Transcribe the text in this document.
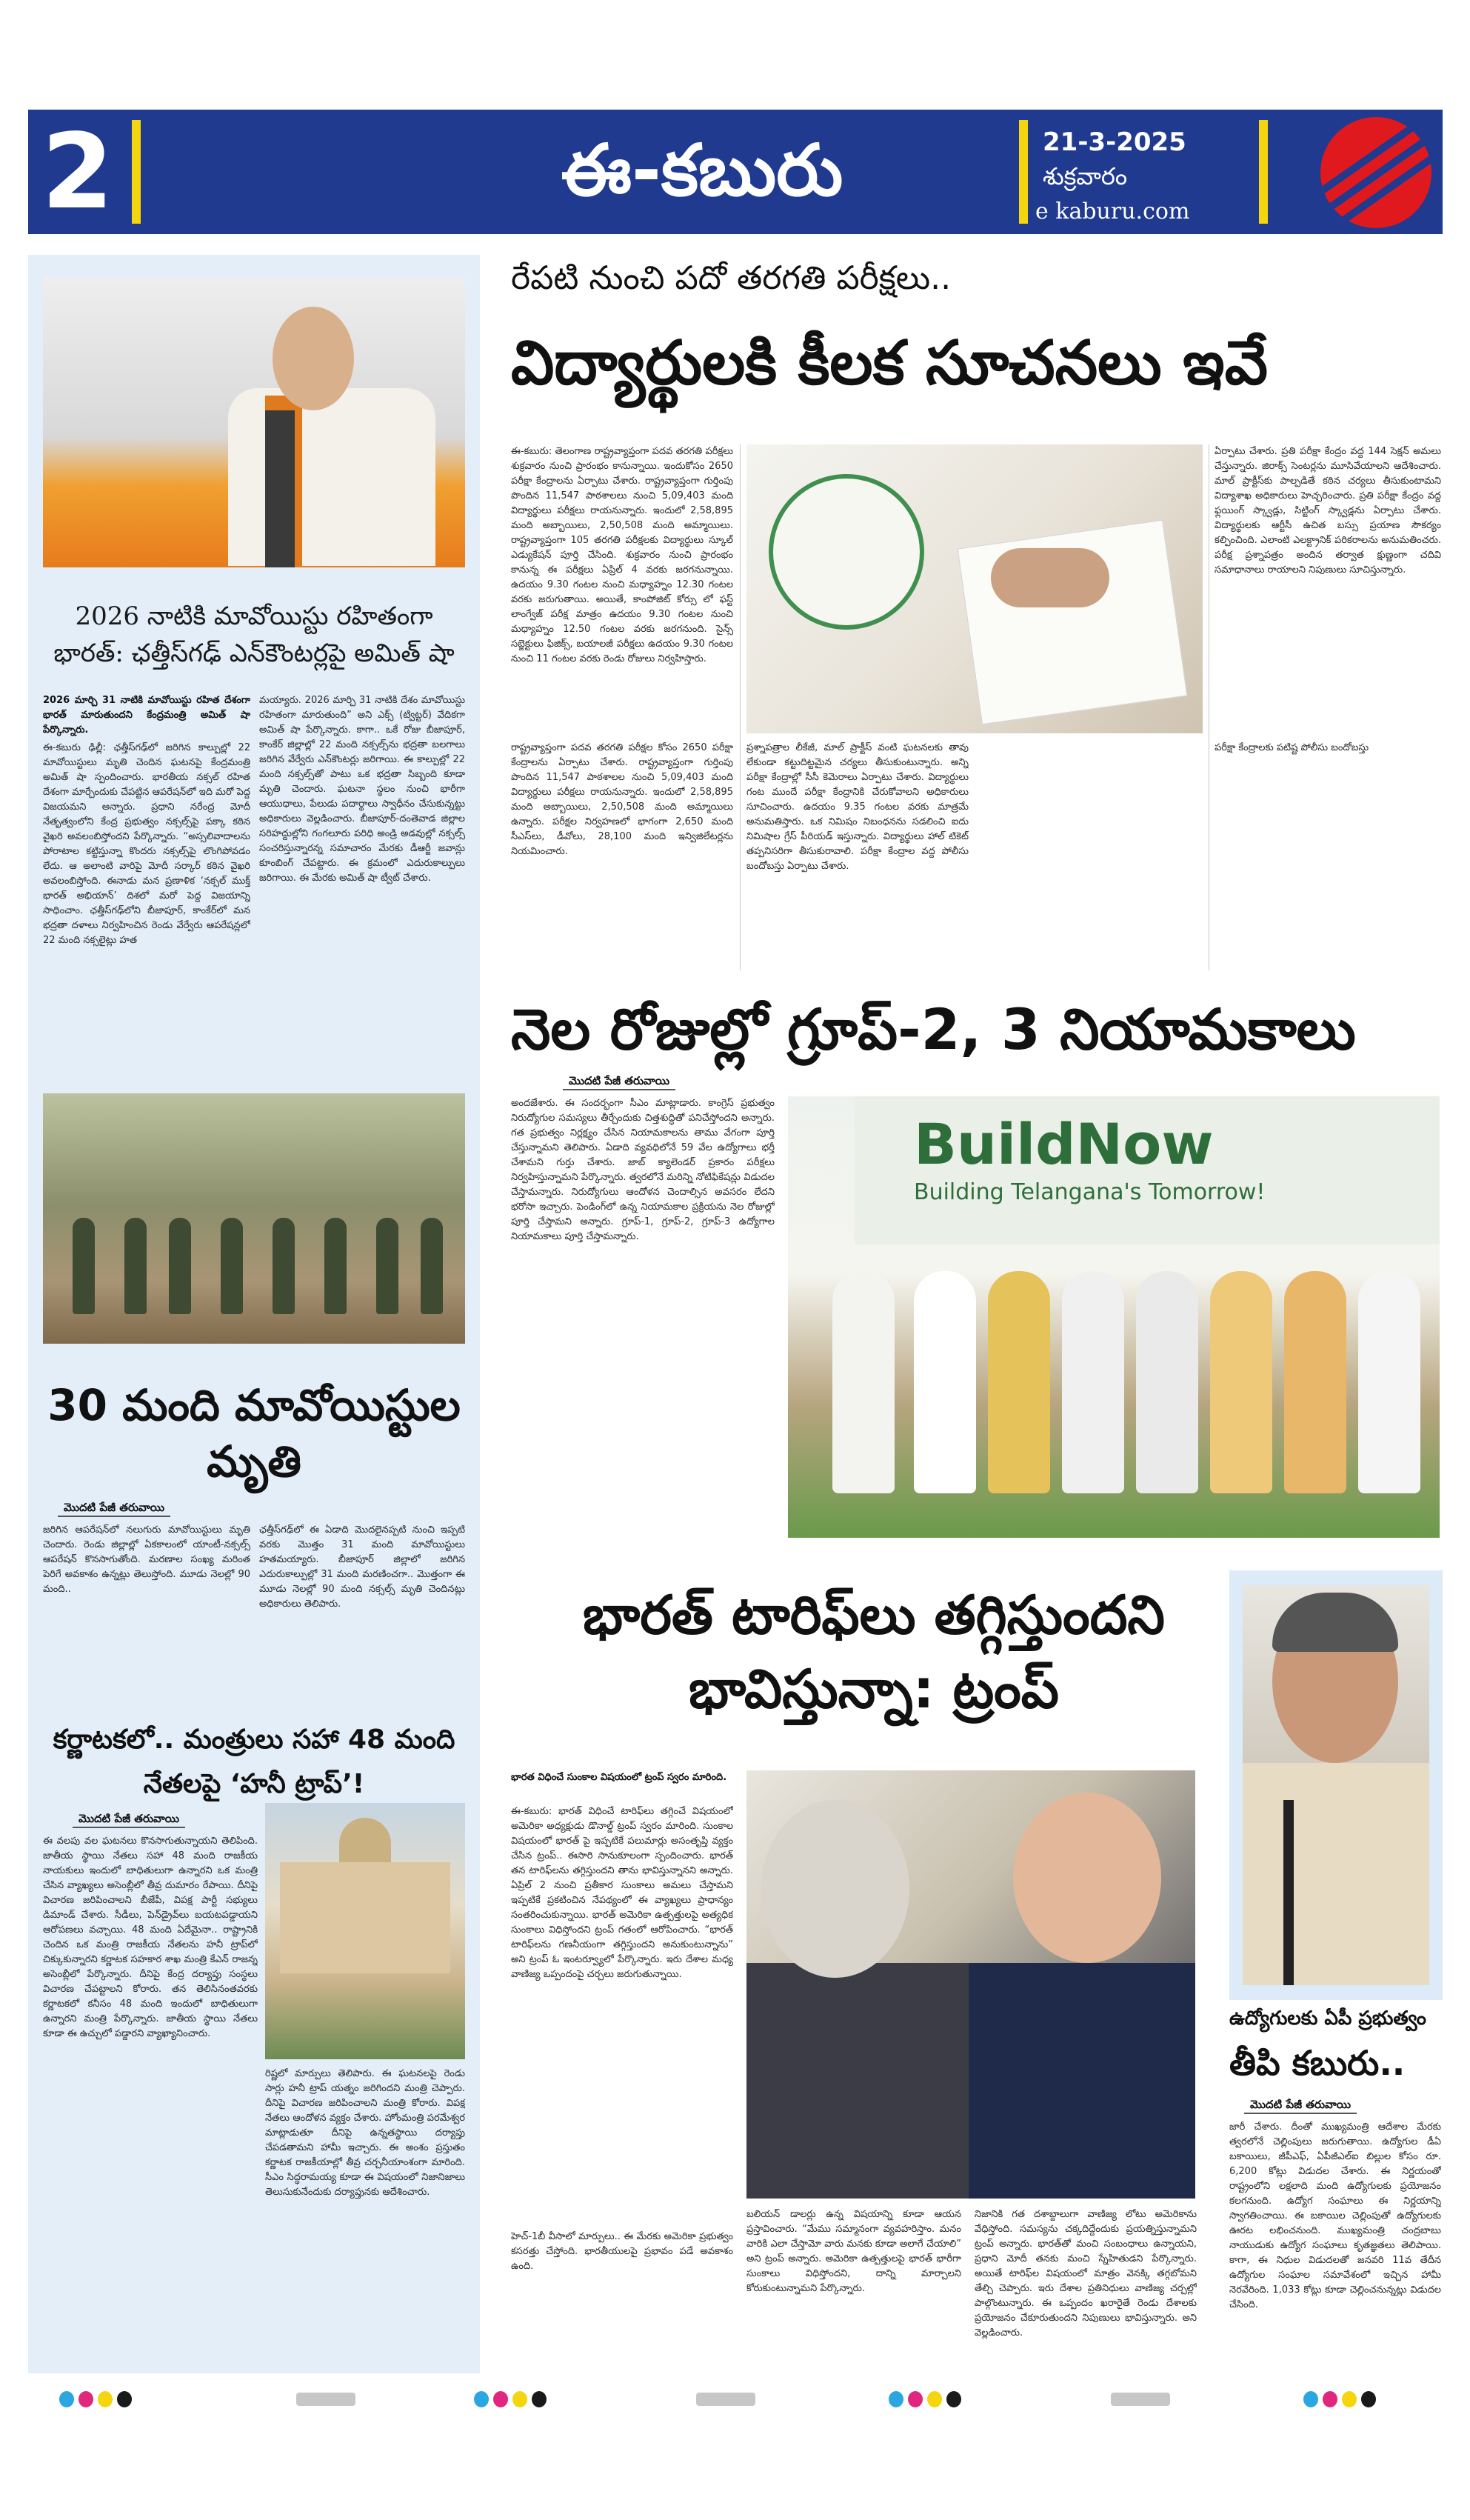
2	ఈ-కబురు	21-3-2025
శుక్రవారం
e kaburu.com
2026 నాటికి మావోయిస్టు రహితంగా భారత్: ఛత్తీస్‌గఢ్ ఎన్‌కౌంటర్లపై అమిత్ షా
2026 మార్చి 31 నాటికి మావోయిస్టు రహిత దేశంగా భారత్ మారుతుందని కేంద్రమంత్రి అమిత్ షా పేర్కొన్నారు.
ఈ-కబురు ఢిల్లీ: ఛత్తీస్‌గఢ్‌లో జరిగిన కాల్పుల్లో 22 మావోయిస్టులు మృతి చెందిన ఘటనపై కేంద్రమంత్రి అమిత్ షా స్పందించారు. భారతీయ నక్సల్ రహిత దేశంగా మార్చేందుకు చేపట్టిన ఆపరేషన్‌లో ఇది మరో పెద్ద విజయమని అన్నారు. ప్రధాని నరేంద్ర మోదీ నేతృత్వంలోని కేంద్ర ప్రభుత్వం నక్సల్స్‌పై పక్కా కఠిన వైఖరి అవలంబిస్తోందని పేర్కొన్నారు. “అస్సలివాదాలను పోరాటాల కట్టిస్తున్నా కొందరు నక్సల్స్‌పై లొంగిపోవడం లేదు. ఆ అలాంటి వారిపై మోదీ సర్కార్ కఠిన వైఖరి అవలంబిస్తోంది. ఈనాడు మన ప్రణాళిక ‘నక్సల్ ముక్త్ భారత్ అభియాన్’ దిశలో మరో పెద్ద విజయాన్ని సాధించాం. ఛత్తీస్‌గఢ్‌లోని బీజాపూర్, కాంకేర్‌లో మన భద్రతా దళాలు నిర్వహించిన రెండు వేర్వేరు ఆపరేషన్లలో 22 మంది నక్సలైట్లు హత
మయ్యారు. 2026 మార్చి 31 నాటికి దేశం మావోయిస్టు రహితంగా మారుతుంది” అని ఎక్స్ (ట్విట్టర్) వేదికగా అమిత్ షా పేర్కొన్నారు. కాగా.. ఒకే రోజు బీజాపూర్, కాంకేర్ జిల్లాల్లో 22 మంది నక్సల్స్‌ను భద్రతా బలగాలు జరిగిన వేర్వేరు ఎన్‌కౌంటర్లు జరిగాయి. ఈ కాల్పుల్లో 22 మంది నక్సల్స్‌తో పాటు ఒక భద్రతా సిబ్బంది కూడా మృతి చెందారు. ఘటనా స్థలం నుంచి భారీగా ఆయుధాలు, పేలుడు పదార్థాలు స్వాధీనం చేసుకున్నట్టు అధికారులు వెల్లడించారు. బీజాపూర్-దంతెవాడ జిల్లాల సరిహద్దుల్లోని గంగలూరు పరిధి అండ్రి అడవుల్లో నక్సల్స్ సంచరిస్తున్నారన్న సమాచారం మేరకు డీఆర్జీ జవాన్లు కూంబింగ్ చేపట్టారు. ఈ క్రమంలో ఎదురుకాల్పులు జరిగాయి. ఈ మేరకు అమిత్ షా ట్వీట్ చేశారు.
30 మంది మావోయిస్టుల మృతి
మొదటి పేజీ తరువాయి
జరిగిన ఆపరేషన్‌లో నలుగురు మావోయిస్టులు మృతి చెందారు. రెండు జిల్లాల్లో ఏకకాలంలో యాంటీ-నక్సల్స్ ఆపరేషన్ కొనసాగుతోంది. మరణాల సంఖ్య మరింత పెరిగే అవకాశం ఉన్నట్లు తెలుస్తోంది. మూడు నెలల్లో 90 మంది..
ఛత్తీస్‌గఢ్‌లో ఈ ఏడాది మొదలైనప్పటి నుంచి ఇప్పటి వరకు మొత్తం 31 మంది మావోయిస్టులు హతమయ్యారు. బీజాపూర్ జిల్లాలో జరిగిన ఎదురుకాల్పుల్లో 31 మంది మరణించగా.. మొత్తంగా ఈ మూడు నెలల్లో 90 మంది నక్సల్స్ మృతి చెందినట్లు అధికారులు తెలిపారు.
కర్ణాటకలో.. మంత్రులు సహా 48 మంది నేతలపై ‘హనీ ట్రాప్’!
మొదటి పేజీ తరువాయి
ఈ వలపు వల ఘటనలు కొనసాగుతున్నాయని తెలిపింది. జాతీయ స్థాయి నేతలు సహా 48 మంది రాజకీయ నాయకులు ఇందులో బాధితులుగా ఉన్నారని ఒక మంత్రి చేసిన వ్యాఖ్యలు అసెంబ్లీలో తీవ్ర దుమారం రేపాయి. దీనిపై విచారణ జరిపించాలని బీజేపీ, విపక్ష పార్టీ సభ్యులు డిమాండ్ చేశారు. సీడీలు, పెన్‌డ్రైవ్‌లు బయటపడ్డాయని ఆరోపణలు వచ్చాయి. 48 మంది ఏదేమైనా.. రాష్ట్రానికి చెందిన ఒక మంత్రి రాజకీయ నేతలను హనీ ట్రాప్‌లో చిక్కుకున్నారని కర్ణాటక సహకార శాఖ మంత్రి కేఎన్ రాజన్న అసెంబ్లీలో పేర్కొన్నారు. దీనిపై కేంద్ర దర్యాప్తు సంస్థలు విచారణ చేపట్టాలని కోరారు. తన తెలిసినంతవరకు కర్ణాటకలో కనీసం 48 మంది ఇందులో బాధితులుగా ఉన్నారని మంత్రి పేర్కొన్నారు. జాతీయ స్థాయి నేతలు కూడా ఈ ఉచ్చులో పడ్డారని వ్యాఖ్యానించారు.
రిష్ణలో మార్పులు తెలిపారు. ఈ ఘటనలపై రెండు సార్లు హనీ ట్రాప్ యత్నం జరిగిందని మంత్రి చెప్పారు. దీనిపై విచారణ జరిపించాలని మంత్రి కోరారు. విపక్ష నేతలు ఆందోళన వ్యక్తం చేశారు. హోంమంత్రి పరమేశ్వర మాట్లాడుతూ దీనిపై ఉన్నతస్థాయి దర్యాప్తు చేపడతామని హామీ ఇచ్చారు. ఈ అంశం ప్రస్తుతం కర్ణాటక రాజకీయాల్లో తీవ్ర చర్చనీయాంశంగా మారింది. సీఎం సిద్ధరామయ్య కూడా ఈ విషయంలో నిజానిజాలు తెలుసుకునేందుకు దర్యాప్తునకు ఆదేశించారు.
రేపటి నుంచి పదో తరగతి పరీక్షలు..
విద్యార్థులకి కీలక సూచనలు ఇవే
ఈ-కబురు: తెలంగాణ రాష్ట్రవ్యాప్తంగా పదవ తరగతి పరీక్షలు శుక్రవారం నుంచి ప్రారంభం కానున్నాయి. ఇందుకోసం 2650 పరీక్షా కేంద్రాలను ఏర్పాటు చేశారు. రాష్ట్రవ్యాప్తంగా గుర్తింపు పొందిన 11,547 పాఠశాలలు నుంచి 5,09,403 మంది విద్యార్థులు పరీక్షలు రాయనున్నారు. ఇందులో 2,58,895 మంది అబ్బాయిలు, 2,50,508 మంది అమ్మాయిలు. రాష్ట్రవ్యాప్తంగా 105 తరగతి పరీక్షలకు విద్యార్థులు స్కూల్ ఎడ్యుకేషన్ పూర్తి చేసింది. శుక్రవారం నుంచి ప్రారంభం కానున్న ఈ పరీక్షలు ఏప్రిల్ 4 వరకు జరగనున్నాయి. ఉదయం 9.30 గంటల నుంచి మధ్యాహ్నం 12.30 గంటల వరకు జరుగుతాయి. అయితే, కాంపోజిట్ కోర్సు లో ఫస్ట్ లాంగ్వేజ్ పరీక్ష మాత్రం ఉదయం 9.30 గంటల నుంచి మధ్యాహ్నం 12.50 గంటల వరకు జరగనుంది. సైన్స్ సబ్జెక్టులు ఫిజిక్స్, బయాలజీ పరీక్షలు ఉదయం 9.30 గంటల నుంచి 11 గంటల వరకు రెండు రోజులు నిర్వహిస్తారు.
రాష్ట్రవ్యాప్తంగా పదవ తరగతి పరీక్షల కోసం 2650 పరీక్షా కేంద్రాలను ఏర్పాటు చేశారు. రాష్ట్రవ్యాప్తంగా గుర్తింపు పొందిన 11,547 పాఠశాలల నుంచి 5,09,403 మంది విద్యార్థులు పరీక్షలు రాయనున్నారు. ఇందులో 2,58,895 మంది అబ్బాయిలు, 2,50,508 మంది అమ్మాయిలు ఉన్నారు. పరీక్షల నిర్వహణలో భాగంగా 2,650 మంది సీఎస్‌లు, డీవోలు, 28,100 మంది ఇన్విజిలేటర్లను నియమించారు.
ప్రశ్నాపత్రాల లీకేజీ, మాల్ ప్రాక్టీస్‌ వంటి ఘటనలకు తావు లేకుండా కట్టుదిట్టమైన చర్యలు తీసుకుంటున్నారు. అన్ని పరీక్షా కేంద్రాల్లో సీసీ కెమెరాలు ఏర్పాటు చేశారు. విద్యార్థులు గంట ముందే పరీక్షా కేంద్రానికి చేరుకోవాలని అధికారులు సూచించారు. ఉదయం 9.35 గంటల వరకు మాత్రమే అనుమతిస్తారు. ఒక నిమిషం నిబంధనను సడలించి ఐదు నిమిషాల గ్రేస్ పీరియడ్ ఇస్తున్నారు. విద్యార్థులు హాల్ టికెట్ తప్పనిసరిగా తీసుకురావాలి. పరీక్షా కేంద్రాల వద్ద పోలీసు బందోబస్తు ఏర్పాటు చేశారు.
ఏర్పాటు చేశారు. ప్రతి పరీక్షా కేంద్రం వద్ద 144 సెక్షన్ అమలు చేస్తున్నారు. జిరాక్స్ సెంటర్లను మూసివేయాలని ఆదేశించారు. మాల్ ప్రాక్టీస్‌కు పాల్పడితే కఠిన చర్యలు తీసుకుంటామని విద్యాశాఖ అధికారులు హెచ్చరించారు. ప్రతి పరీక్షా కేంద్రం వద్ద ఫ్లయింగ్ స్క్వాడ్లు, సిట్టింగ్ స్క్వాడ్లను ఏర్పాటు చేశారు. విద్యార్థులకు ఆర్టీసీ ఉచిత బస్సు ప్రయాణ సౌకర్యం కల్పించింది. ఎలాంటి ఎలక్ట్రానిక్ పరికరాలను అనుమతించరు. పరీక్ష ప్రశ్నాపత్రం అందిన తర్వాత క్షుణ్ణంగా చదివి సమాధానాలు రాయాలని నిపుణులు సూచిస్తున్నారు.
పరీక్షా కేంద్రాలకు పటిష్ట పోలీసు బందోబస్తు
నెల రోజుల్లో గ్రూప్-2, 3 నియామకాలు
మొదటి పేజీ తరువాయి
అందజేశారు. ఈ సందర్భంగా సీఎం మాట్లాడారు. కాంగ్రెస్ ప్రభుత్వం నిరుద్యోగుల సమస్యలు తీర్చేందుకు చిత్తశుద్ధితో పనిచేస్తోందని అన్నారు. గత ప్రభుత్వం నిర్లక్ష్యం చేసిన నియామకాలను తాము వేగంగా పూర్తి చేస్తున్నామని తెలిపారు. ఏడాది వ్యవధిలోనే 59 వేల ఉద్యోగాలు భర్తీ చేశామని గుర్తు చేశారు. జాబ్ క్యాలెండర్ ప్రకారం పరీక్షలు నిర్వహిస్తున్నామని పేర్కొన్నారు. త్వరలోనే మరిన్ని నోటిఫికేషన్లు విడుదల చేస్తామన్నారు. నిరుద్యోగులు ఆందోళన చెందాల్సిన అవసరం లేదని భరోసా ఇచ్చారు. పెండింగ్‌లో ఉన్న నియామకాల ప్రక్రియను నెల రోజుల్లో పూర్తి చేస్తామని అన్నారు. గ్రూప్-1, గ్రూప్-2, గ్రూప్-3 ఉద్యోగాల నియామకాలు పూర్తి చేస్తామన్నారు.
BuildNow
Building Telangana's Tomorrow!
భారత్ టారిఫ్‌లు తగ్గిస్తుందని భావిస్తున్నా: ట్రంప్
భారత విధించే సుంకాల విషయంలో ట్రంప్ స్వరం మారింది.
ఈ-కబురు: భారత్ విధించే టారిఫ్‌లు తగ్గించే విషయంలో అమెరికా అధ్యక్షుడు డొనాల్డ్ ట్రంప్ స్వరం మారింది. సుంకాల విషయంలో భారత్ పై ఇప్పటికే పలుమార్లు అసంతృప్తి వ్యక్తం చేసిన ట్రంప్.. ఈసారి సానుకూలంగా స్పందించారు. భారత్ తన టారిఫ్‌లను తగ్గిస్తుందని తాను భావిస్తున్నానని అన్నారు. ఏప్రిల్ 2 నుంచి ప్రతీకార సుంకాలు అమలు చేస్తామని ఇప్పటికే ప్రకటించిన నేపథ్యంలో ఈ వ్యాఖ్యలు ప్రాధాన్యం సంతరించుకున్నాయి. భారత్ అమెరికా ఉత్పత్తులపై అత్యధిక సుంకాలు విధిస్తోందని ట్రంప్ గతంలో ఆరోపించారు. “భారత్ టారిఫ్‌లను గణనీయంగా తగ్గిస్తుందని అనుకుంటున్నాను” అని ట్రంప్ ఓ ఇంటర్వ్యూలో పేర్కొన్నారు. ఇరు దేశాల మధ్య వాణిజ్య ఒప్పందంపై చర్చలు జరుగుతున్నాయి.
హెచ్-1బీ వీసాలో మార్పులు.. ఈ మేరకు అమెరికా ప్రభుత్వం కసరత్తు చేస్తోంది. భారతీయులపై ప్రభావం పడే అవకాశం ఉంది.
బలియన్ డాలర్లు ఉన్న విషయాన్ని కూడా ఆయన ప్రస్తావించారు. “మేము సమ్మానంగా వ్యవహరిస్తాం. మనం వారికి ఎలా చేస్తామో వారు మనకు కూడా అలాగే చేయాలి” అని ట్రంప్ అన్నారు. అమెరికా ఉత్పత్తులపై భారత్ భారీగా సుంకాలు విధిస్తోందని, దాన్ని మార్చాలని కోరుకుంటున్నామని పేర్కొన్నారు.
నిజానికి గత దశాబ్దాలుగా వాణిజ్య లోటు అమెరికాను వేధిస్తోంది. సమస్యను చక్కదిద్దేందుకు ప్రయత్నిస్తున్నామని ట్రంప్ అన్నారు. భారత్‌తో మంచి సంబంధాలు ఉన్నాయని, ప్రధాని మోదీ తనకు మంచి స్నేహితుడని పేర్కొన్నారు. అయితే టారిఫ్‌ల విషయంలో మాత్రం వెనక్కి తగ్గబోమని తేల్చి చెప్పారు. ఇరు దేశాల ప్రతినిధులు వాణిజ్య చర్చల్లో పాల్గొంటున్నారు. ఈ ఒప్పందం ఖరారైతే రెండు దేశాలకు ప్రయోజనం చేకూరుతుందని నిపుణులు భావిస్తున్నారు. అని వెల్లడించారు.
ఉద్యోగులకు ఏపీ ప్రభుత్వం
తీపి కబురు..
మొదటి పేజీ తరువాయి
జారీ చేశారు. దీంతో ముఖ్యమంత్రి ఆదేశాల మేరకు త్వరలోనే చెల్లింపులు జరుగుతాయి. ఉద్యోగుల డీఏ బకాయిలు, జీపీఎఫ్, ఏపీజీఎల్ఐ బిల్లుల కోసం రూ. 6,200 కోట్లు విడుదల చేశారు. ఈ నిర్ణయంతో రాష్ట్రంలోని లక్షలాది మంది ఉద్యోగులకు ప్రయోజనం కలగనుంది. ఉద్యోగ సంఘాలు ఈ నిర్ణయాన్ని స్వాగతించాయి. ఈ బకాయిల చెల్లింపుతో ఉద్యోగులకు ఊరట లభించనుంది. ముఖ్యమంత్రి చంద్రబాబు నాయుడుకు ఉద్యోగ సంఘాలు కృతజ్ఞతలు తెలిపాయి. కాగా, ఈ నిధుల విడుదలతో జనవరి 11వ తేదీన ఉద్యోగుల సంఘాల సమావేశంలో ఇచ్చిన హామీ నెరవేరింది. 1,033 కోట్లు కూడా చెల్లించనున్నట్లు విడుదల చేసింది.
